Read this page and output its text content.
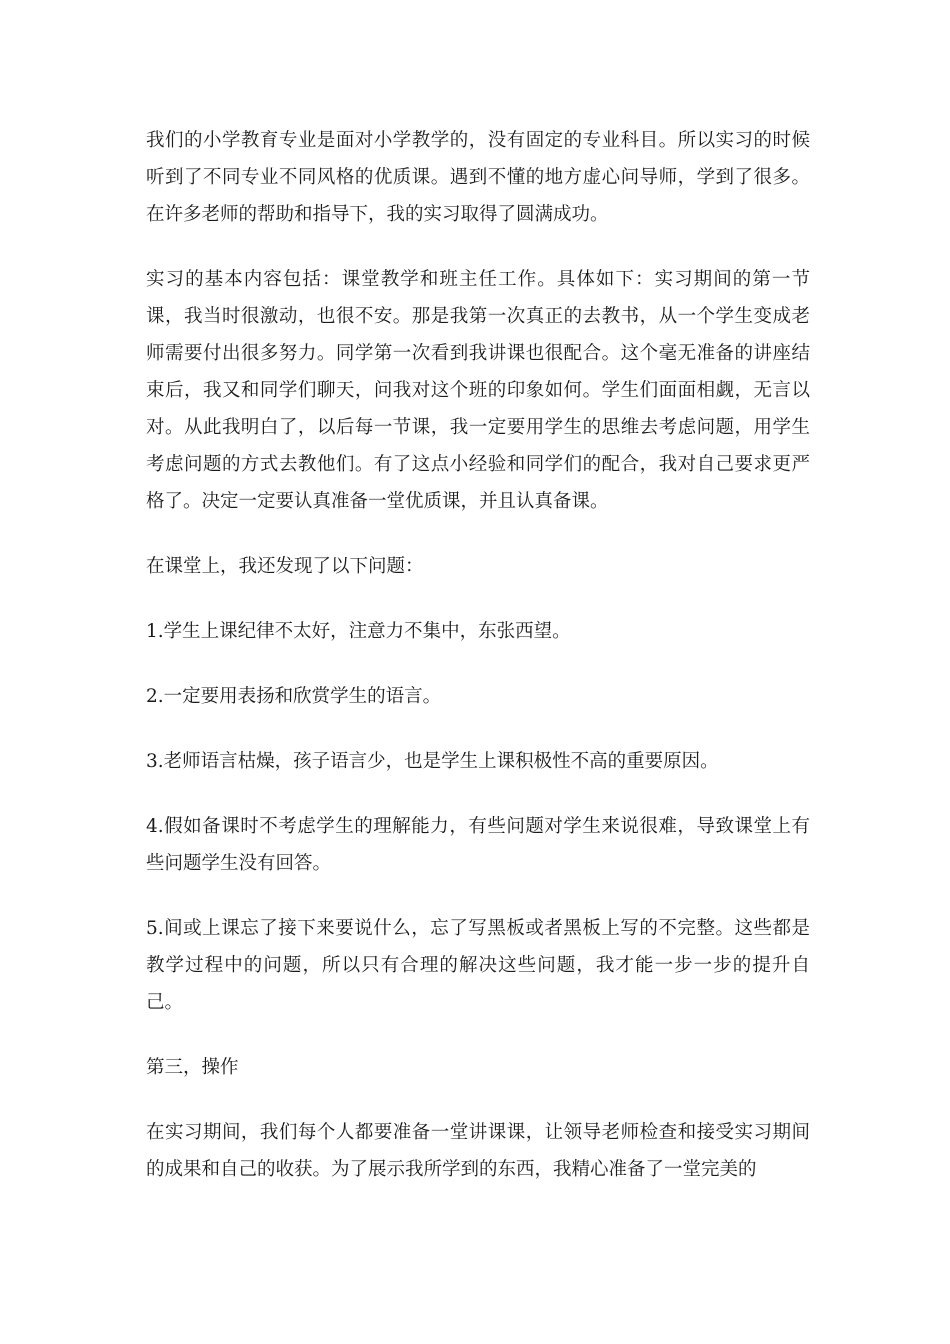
我们的小学教育专业是面对小学教学的，没有固定的专业科目。所以实习的时候听到了不同专业不同风格的优质课。遇到不懂的地方虚心问导师，学到了很多。在许多老师的帮助和指导下，我的实习取得了圆满成功。

实习的基本内容包括：课堂教学和班主任工作。具体如下：实习期间的第一节课，我当时很激动，也很不安。那是我第一次真正的去教书，从一个学生变成老师需要付出很多努力。同学第一次看到我讲课也很配合。这个毫无准备的讲座结束后，我又和同学们聊天，问我对这个班的印象如何。学生们面面相觑，无言以对。从此我明白了，以后每一节课，我一定要用学生的思维去考虑问题，用学生考虑问题的方式去教他们。有了这点小经验和同学们的配合，我对自己要求更严格了。决定一定要认真准备一堂优质课，并且认真备课。

在课堂上，我还发现了以下问题：

1.学生上课纪律不太好，注意力不集中，东张西望。

2.一定要用表扬和欣赏学生的语言。

3.老师语言枯燥，孩子语言少，也是学生上课积极性不高的重要原因。

4.假如备课时不考虑学生的理解能力，有些问题对学生来说很难，导致课堂上有些问题学生没有回答。

5.间或上课忘了接下来要说什么，忘了写黑板或者黑板上写的不完整。这些都是教学过程中的问题，所以只有合理的解决这些问题，我才能一步一步的提升自己。

第三，操作

在实习期间，我们每个人都要准备一堂讲课课，让领导老师检查和接受实习期间的成果和自己的收获。为了展示我所学到的东西，我精心准备了一堂完美的
